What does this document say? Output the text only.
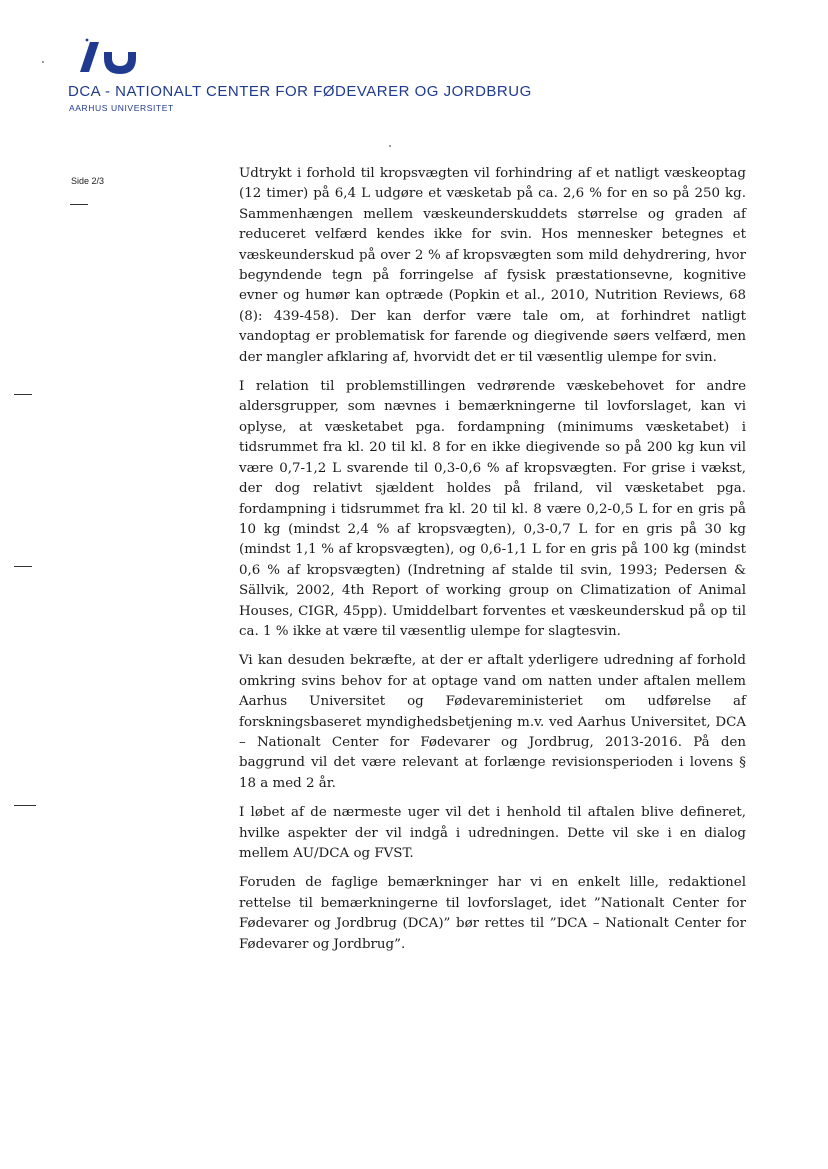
DCA - NATIONALT CENTER FOR FØDEVARER OG JORDBRUG
AARHUS UNIVERSITET
Side 2/3	Udtrykt i forhold til kropsvægten vil forhindring af et natligt væskeoptag (12 timer) på 6,4 L udgøre et væsketab på ca. 2,6 % for en so på 250 kg. Sammenhængen mellem væskeunderskuddets størrelse og graden af reduceret velfærd kendes ikke for svin. Hos mennesker betegnes et væskeunderskud på over 2 % af kropsvægten som mild dehydrering, hvor begyndende tegn på forringelse af fysisk præstationsevne, kognitive evner og humør kan optræde (Popkin et al., 2010, Nutrition Reviews, 68 (8): 439-458). Der kan derfor være tale om, at forhindret natligt vandoptag er problematisk for farende og diegivende søers velfærd, men der mangler afklaring af, hvorvidt det er til væsentlig ulempe for svin.

I relation til problemstillingen vedrørende væskebehovet for andre aldersgrupper, som nævnes i bemærkningerne til lovforslaget, kan vi oplyse, at væsketabet pga. fordampning (minimums væsketabet) i tidsrummet fra kl. 20 til kl. 8 for en ikke diegivende so på 200 kg kun vil være 0,7-1,2 L svarende til 0,3-0,6 % af kropsvægten. For grise i vækst, der dog relativt sjældent holdes på friland, vil væsketabet pga. fordampning i tidsrummet fra kl. 20 til kl. 8 være 0,2-0,5 L for en gris på 10 kg (mindst 2,4 % af kropsvægten), 0,3-0,7 L for en gris på 30 kg (mindst 1,1 % af kropsvægten), og 0,6-1,1 L for en gris på 100 kg (mindst 0,6 % af kropsvægten) (Indretning af stalde til svin, 1993; Pedersen & Sällvik, 2002, 4th Report of working group on Climatization of Animal Houses, CIGR, 45pp). Umiddelbart forventes et væskeunderskud på op til ca. 1 % ikke at være til væsentlig ulempe for slagtesvin.

Vi kan desuden bekræfte, at der er aftalt yderligere udredning af forhold omkring svins behov for at optage vand om natten under aftalen mellem Aarhus Universitet og Fødevareministeriet om udførelse af forskningsbaseret myndighedsbetjening m.v. ved Aarhus Universitet, DCA – Nationalt Center for Fødevarer og Jordbrug, 2013-2016. På den baggrund vil det være relevant at forlænge revisionsperioden i lovens § 18 a med 2 år.

I løbet af de nærmeste uger vil det i henhold til aftalen blive defineret, hvilke aspekter der vil indgå i udredningen. Dette vil ske i en dialog mellem AU/DCA og FVST.

Foruden de faglige bemærkninger har vi en enkelt lille, redaktionel rettelse til bemærkningerne til lovforslaget, idet ”Nationalt Center for Fødevarer og Jordbrug (DCA)” bør rettes til ”DCA – Nationalt Center for Fødevarer og Jordbrug”.
